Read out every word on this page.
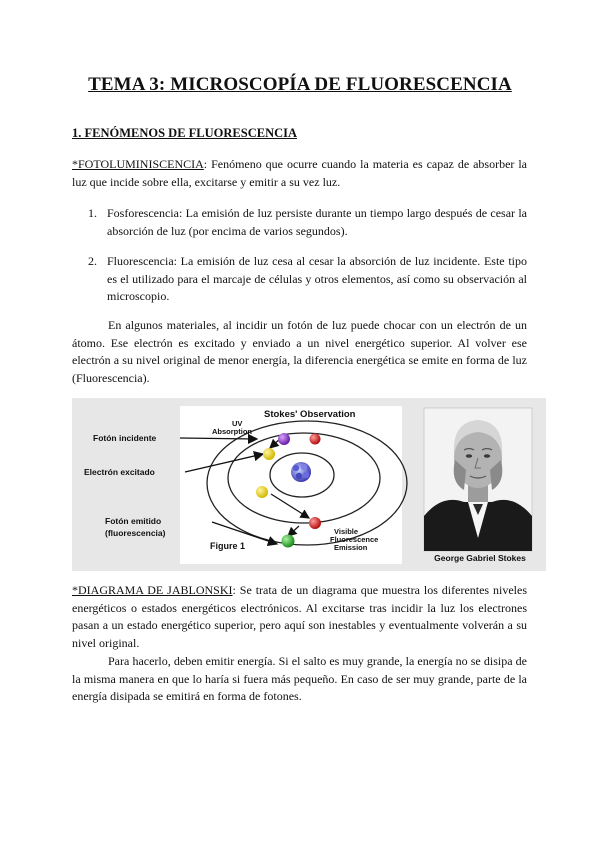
TEMA 3: MICROSCOPÍA DE FLUORESCENCIA
1. FENÓMENOS DE FLUORESCENCIA
*FOTOLUMINISCENCIA: Fenómeno que ocurre cuando la materia es capaz de absorber la luz que incide sobre ella, excitarse y emitir a su vez luz.
1. Fosforescencia: La emisión de luz persiste durante un tiempo largo después de cesar la absorción de luz (por encima de varios segundos).
2. Fluorescencia: La emisión de luz cesa al cesar la absorción de luz incidente. Este tipo es el utilizado para el marcaje de células y otros elementos, así como su observación al microscopio.
En algunos materiales, al incidir un fotón de luz puede chocar con un electrón de un átomo. Ese electrón es excitado y enviado a un nivel energético superior. Al volver ese electrón a su nivel original de menor energía, la diferencia energética se emite en forma de luz (Fluorescencia).
Stokes' Observation
UV
Absorption
Fotón incidente
Electrón excitado
Fotón emitido
(fluorescencia)
Figure 1
Visible
Fluorescence
Emission
George Gabriel Stokes
*DIAGRAMA DE JABLONSKI: Se trata de un diagrama que muestra los diferentes niveles energéticos o estados energéticos electrónicos. Al excitarse tras incidir la luz los electrones pasan a un estado energético superior, pero aquí son inestables y eventualmente volverán a su nivel original.
Para hacerlo, deben emitir energía. Si el salto es muy grande, la energía no se disipa de la misma manera en que lo haría si fuera más pequeño. En caso de ser muy grande, parte de la energía disipada se emitirá en forma de fotones.
